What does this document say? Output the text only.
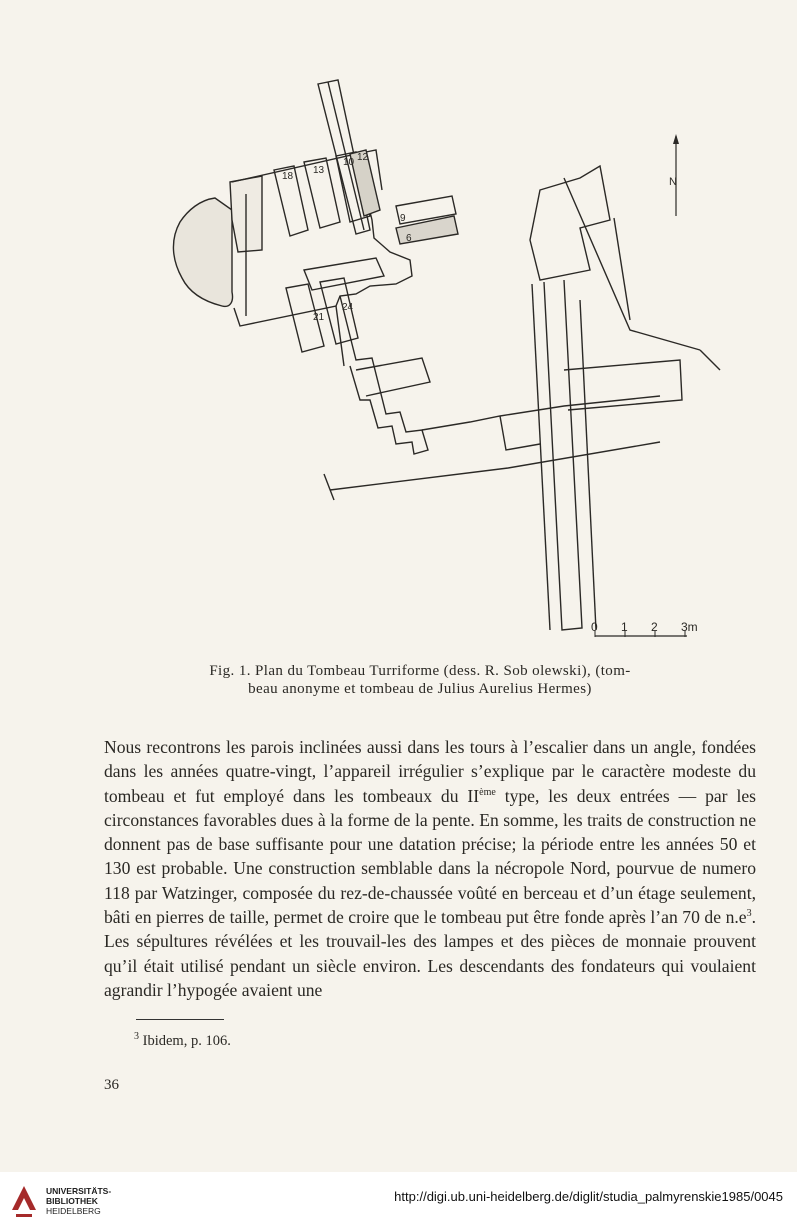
18
13
10 12
9
6
21
24
N
0 1 2 3m
Fig. 1. Plan du Tombeau Turriforme (dess. R. Sob olewski), (tom-
beau anonyme et tombeau de Julius Aurelius Hermes)

Nous recontrons les parois inclinées aussi dans les tours à l’escalier dans un angle, fondées dans les années quatre-vingt, l’appareil irrégulier s’explique par le caractère modeste du tombeau et fut employé dans les tombeaux du IIème type, les deux entrées — par les circonstances favorables dues à la forme de la pente. En somme, les traits de construction ne donnent pas de base suffisante pour une datation précise; la période entre les années 50 et 130 est probable. Une construction semblable dans la nécropole Nord, pourvue de numero 118 par Watzinger, composée du rez-de-chaussée voûté en berceau et d’un étage seulement, bâti en pierres de taille, permet de croire que le tombeau put être fonde après l’an 70 de $n.e^3$. Les sépultures révélées et les trouvail-les des lampes et des pièces de monnaie prouvent qu’il était utilisé pendant un siècle environ. Les descendants des fondateurs qui voulaient agrandir l’hypogée avaient une

$^3$ Ibidem, p. 106.
36
UNIVERSITÄTS-
BIBLIOTHEK
HEIDELBERG
http://digi.ub.uni-heidelberg.de/diglit/studia_palmyrenskie1985/0045
